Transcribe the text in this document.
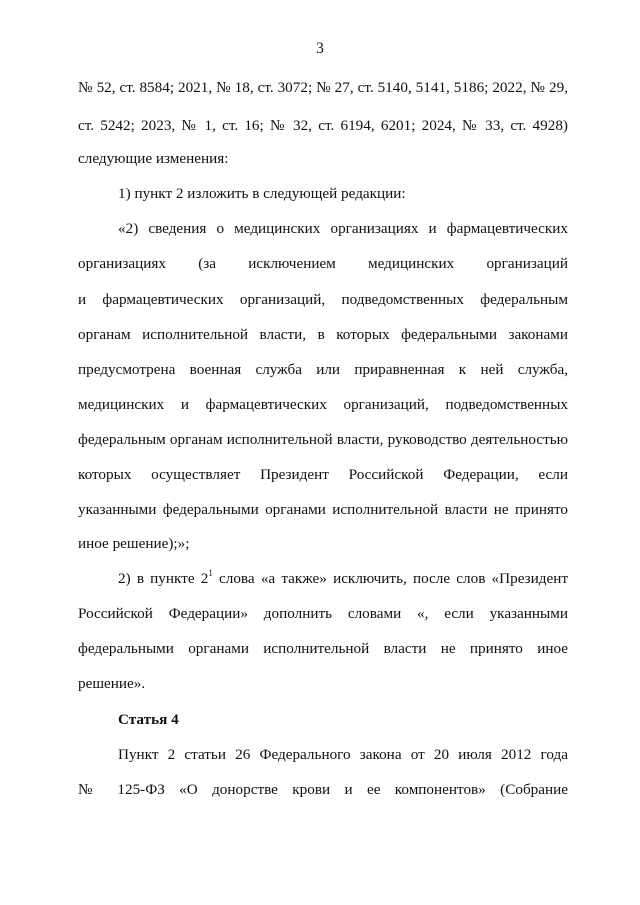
3
№ 52, ст. 8584; 2021, № 18, ст. 3072; № 27, ст. 5140, 5141, 5186; 2022, № 29,
ст. 5242; 2023, № 1, ст. 16; № 32, ст. 6194, 6201; 2024, № 33, ст. 4928)
следующие изменения:
1) пункт 2 изложить в следующей редакции:
«2) сведения о медицинских организациях и фармацевтических
организациях (за исключением медицинских организаций
и фармацевтических организаций, подведомственных федеральным
органам исполнительной власти, в которых федеральными законами
предусмотрена военная служба или приравненная к ней служба,
медицинских и фармацевтических организаций, подведомственных
федеральным органам исполнительной власти, руководство деятельностью
которых осуществляет Президент Российской Федерации, если
указанными федеральными органами исполнительной власти не принято
иное решение);»;
2) в пункте $2^1$ слова «а также» исключить, после слов «Президент
Российской Федерации» дополнить словами «, если указанными
федеральными органами исполнительной власти не принято иное
решение».
Статья 4
Пункт 2 статьи 26 Федерального закона от 20 июля 2012 года
№ 125-ФЗ «О донорстве крови и ее компонентов» (Собрание
